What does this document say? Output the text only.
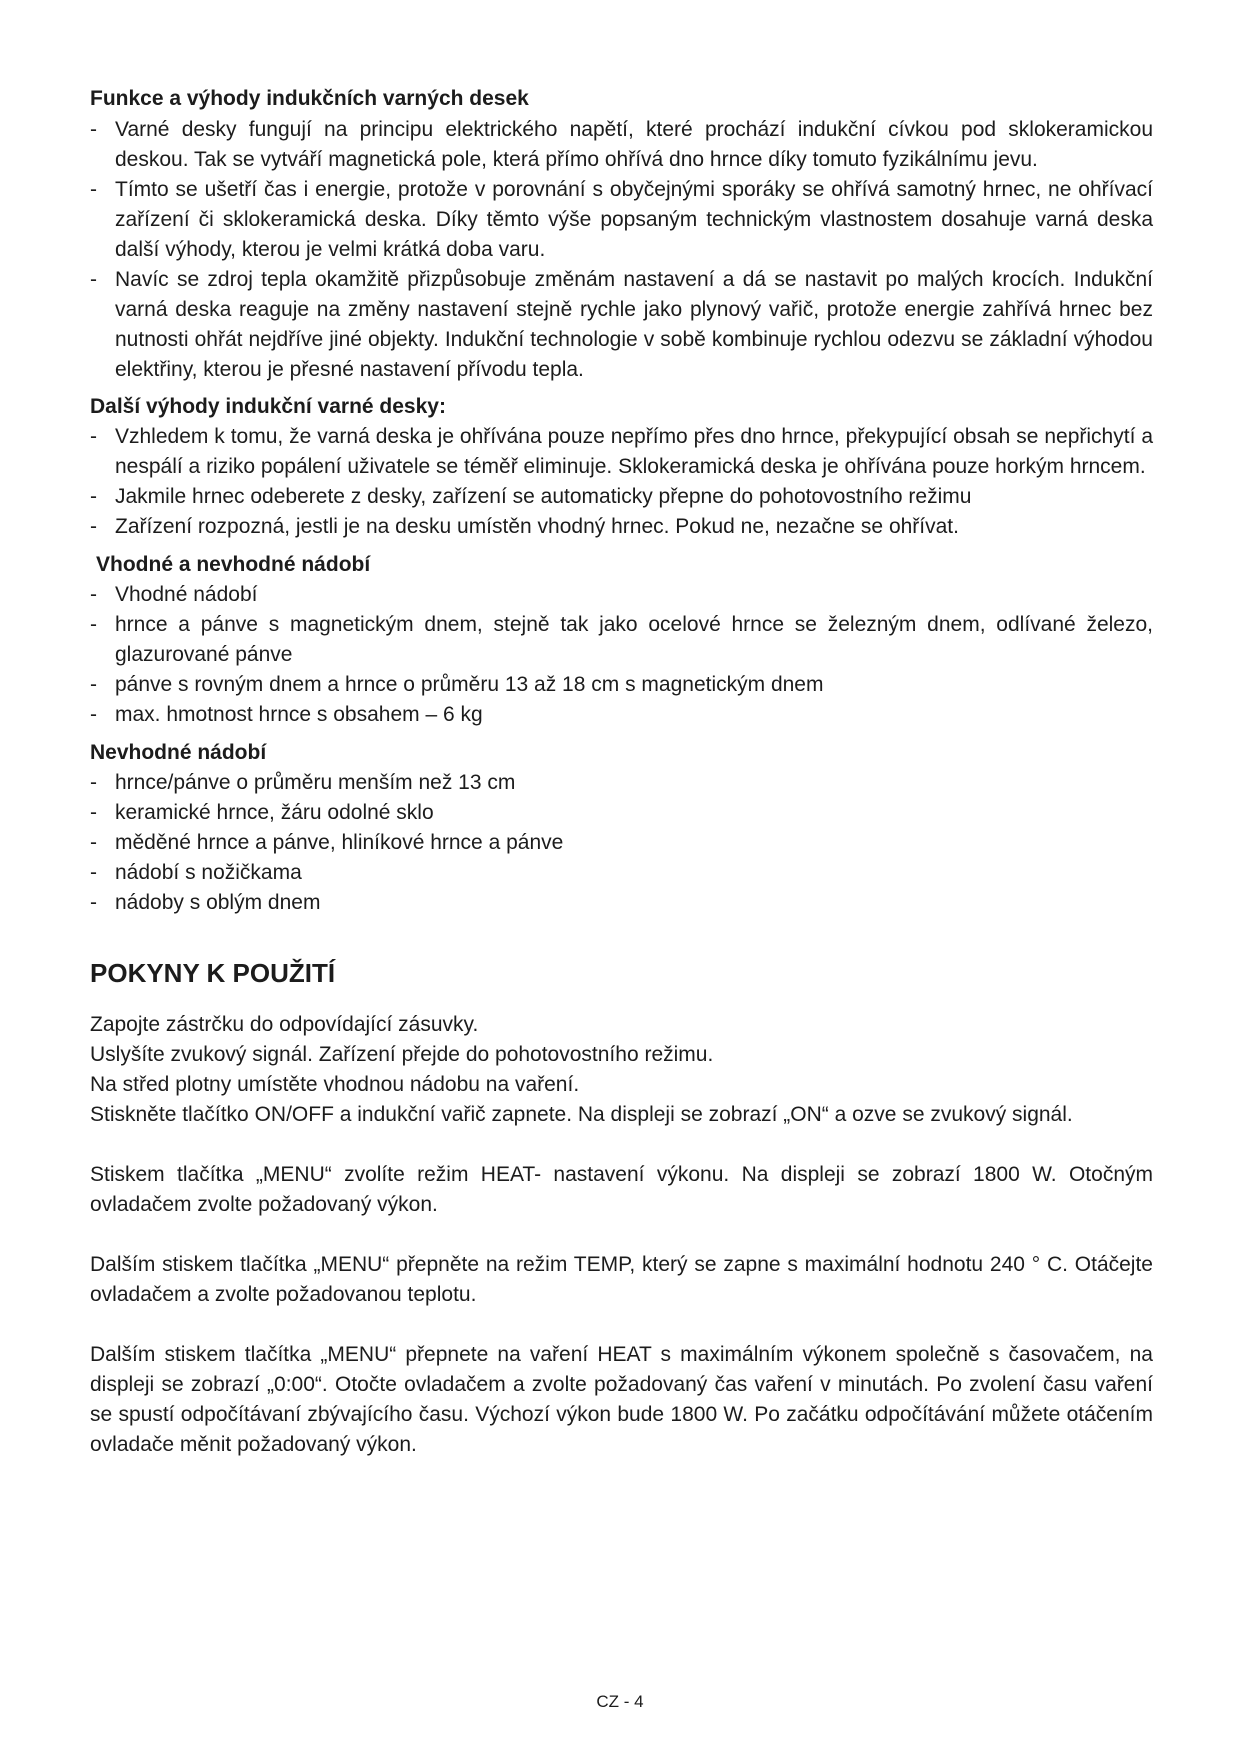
Funkce a výhody indukčních varných desek
- Varné desky fungují na principu elektrického napětí, které prochází indukční cívkou pod sklokeramickou deskou. Tak se vytváří magnetická pole, která přímo ohřívá dno hrnce díky tomuto fyzikálnímu jevu.
- Tímto se ušetří čas i energie, protože v porovnání s obyčejnými sporáky se ohřívá samotný hrnec, ne ohřívací zařízení či sklokeramická deska. Díky těmto výše popsaným technickým vlastnostem dosahuje varná deska další výhody, kterou je velmi krátká doba varu.
- Navíc se zdroj tepla okamžitě přizpůsobuje změnám nastavení a dá se nastavit po malých krocích. Indukční varná deska reaguje na změny nastavení stejně rychle jako plynový vařič, protože energie zahřívá hrnec bez nutnosti ohřát nejdříve jiné objekty. Indukční technologie v sobě kombinuje rychlou odezvu se základní výhodou elektřiny, kterou je přesné nastavení přívodu tepla.
Další výhody indukční varné desky:
- Vzhledem k tomu, že varná deska je ohřívána pouze nepřímo přes dno hrnce, překypující obsah se nepřichytí a nespálí a riziko popálení uživatele se téměř eliminuje. Sklokeramická deska je ohřívána pouze horkým hrncem.
- Jakmile hrnec odeberete z desky, zařízení se automaticky přepne do pohotovostního režimu
- Zařízení rozpozná, jestli je na desku umístěn vhodný hrnec. Pokud ne, nezačne se ohřívat.
Vhodné a nevhodné nádobí
- Vhodné nádobí
- hrnce a pánve s magnetickým dnem, stejně tak jako ocelové hrnce se železným dnem, odlívané železo, glazurované pánve
- pánve s rovným dnem a hrnce o průměru 13 až 18 cm s magnetickým dnem
- max. hmotnost hrnce s obsahem – 6 kg
Nevhodné nádobí
- hrnce/pánve o průměru menším než 13 cm
- keramické hrnce, žáru odolné sklo
- měděné hrnce a pánve, hliníkové hrnce a pánve
- nádobí s nožičkama
- nádoby s oblým dnem
POKYNY K POUŽITÍ

Zapojte zástrčku do odpovídající zásuvky.

Uslyšíte zvukový signál. Zařízení přejde do pohotovostního režimu.

Na střed plotny umístěte vhodnou nádobu na vaření.

Stiskněte tlačítko ON/OFF a indukční vařič zapnete. Na displeji se zobrazí „ON“ a ozve se zvukový signál.

Stiskem tlačítka „MENU“ zvolíte režim HEAT- nastavení výkonu. Na displeji se zobrazí 1800 W. Otočným ovladačem zvolte požadovaný výkon.

Dalším stiskem tlačítka „MENU“ přepněte na režim TEMP, který se zapne s maximální hodnotu 240 ° C. Otáčejte ovladačem a zvolte požadovanou teplotu.

Dalším stiskem tlačítka „MENU“ přepnete na vaření HEAT s maximálním výkonem společně s časovačem, na displeji se zobrazí „0:00“. Otočte ovladačem a zvolte požadovaný čas vaření v minutách. Po zvolení času vaření se spustí odpočítávaní zbývajícího času. Výchozí výkon bude 1800 W. Po začátku odpočítávání můžete otáčením ovladače měnit požadovaný výkon.

CZ - 4
